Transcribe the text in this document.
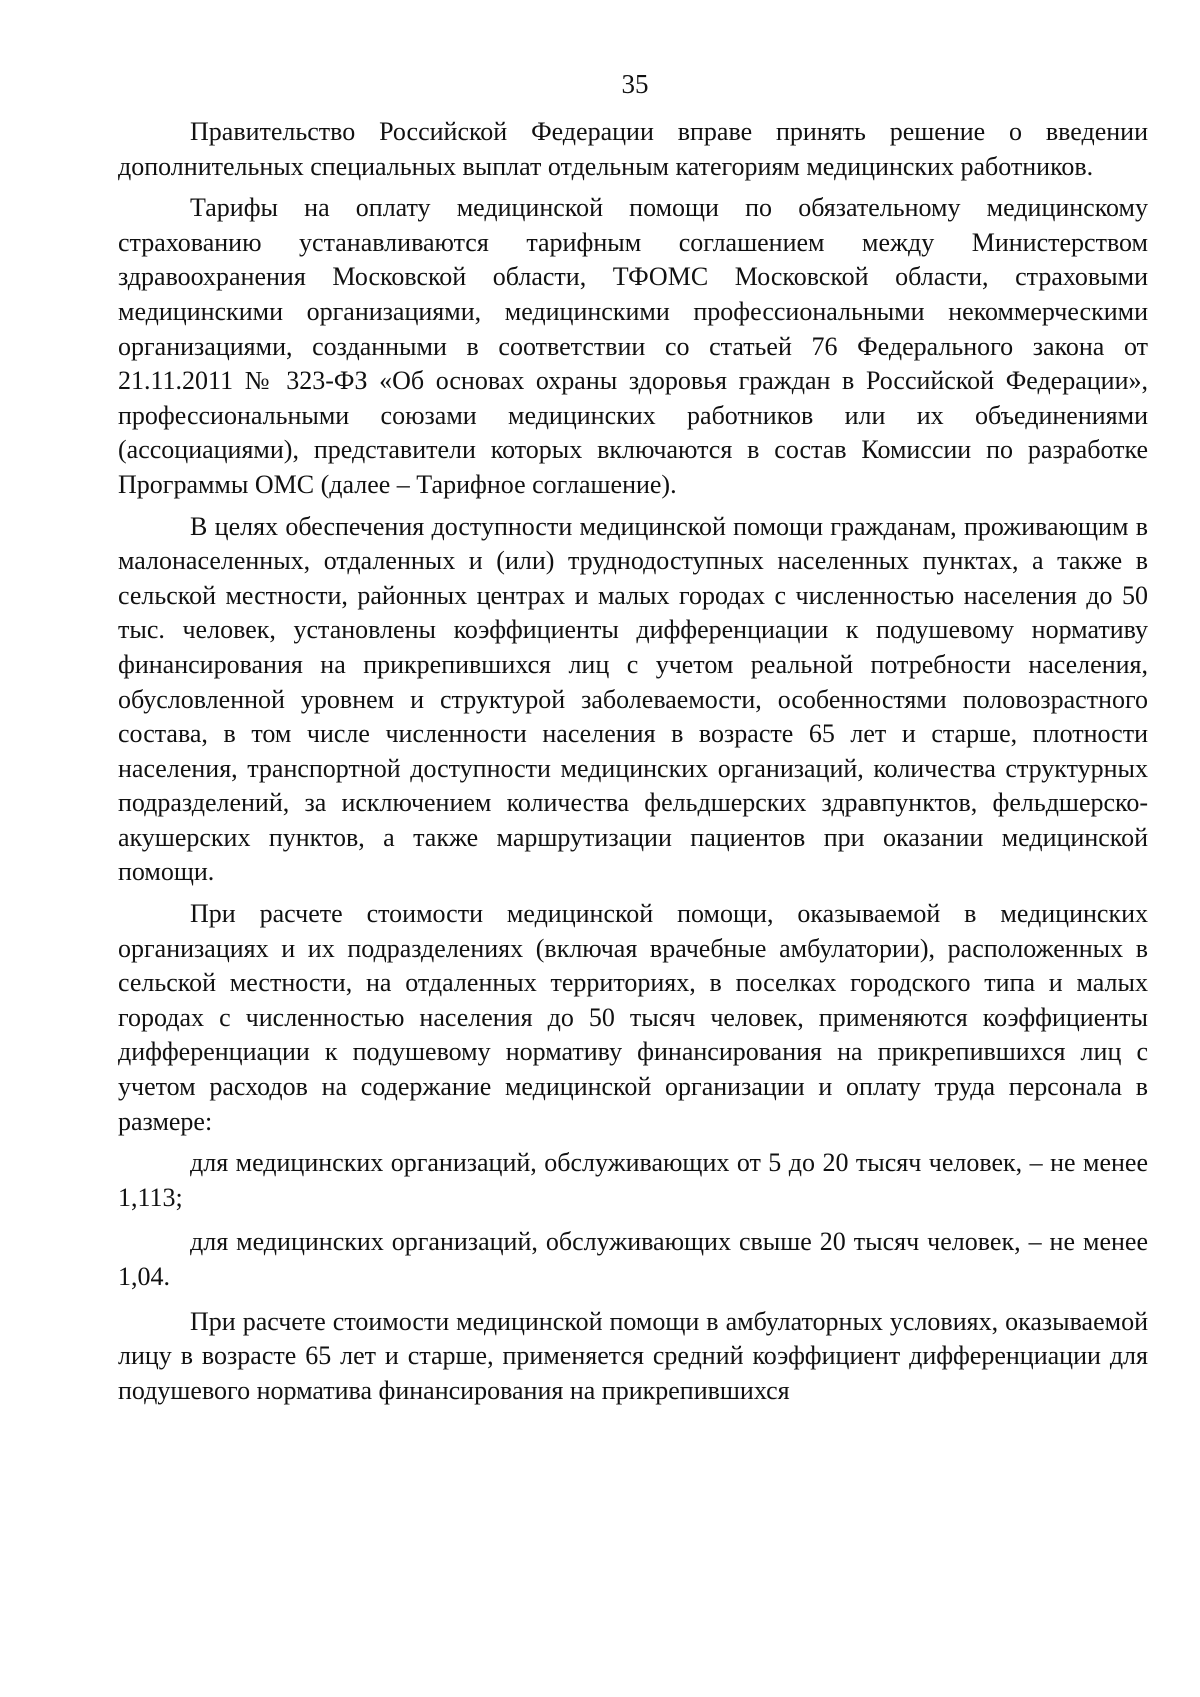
35

Правительство Российской Федерации вправе принять решение о введении дополнительных специальных выплат отдельным категориям медицинских работников.

Тарифы на оплату медицинской помощи по обязательному медицинскому страхованию устанавливаются тарифным соглашением между Министерством здравоохранения Московской области, ТФОМС Московской области, страховыми медицинскими организациями, медицинскими профессиональными некоммерческими организациями, созданными в соответствии со статьей 76 Федерального закона от 21.11.2011 № 323-ФЗ «Об основах охраны здоровья граждан в Российской Федерации», профессиональными союзами медицинских работников или их объединениями (ассоциациями), представители которых включаются в состав Комиссии по разработке Программы ОМС (далее – Тарифное соглашение).

В целях обеспечения доступности медицинской помощи гражданам, проживающим в малонаселенных, отдаленных и (или) труднодоступных населенных пунктах, а также в сельской местности, районных центрах и малых городах с численностью населения до 50 тыс. человек, установлены коэффициенты дифференциации к подушевому нормативу финансирования на прикрепившихся лиц с учетом реальной потребности населения, обусловленной уровнем и структурой заболеваемости, особенностями половозрастного состава, в том числе численности населения в возрасте 65 лет и старше, плотности населения, транспортной доступности медицинских организаций, количества структурных подразделений, за исключением количества фельдшерских здравпунктов, фельдшерско-акушерских пунктов, а также маршрутизации пациентов при оказании медицинской помощи.

При расчете стоимости медицинской помощи, оказываемой в медицинских организациях и их подразделениях (включая врачебные амбулатории), расположенных в сельской местности, на отдаленных территориях, в поселках городского типа и малых городах с численностью населения до 50 тысяч человек, применяются коэффициенты дифференциации к подушевому нормативу финансирования на прикрепившихся лиц с учетом расходов на содержание медицинской организации и оплату труда персонала в размере:

для медицинских организаций, обслуживающих от 5 до 20 тысяч человек, – не менее 1,113;

для медицинских организаций, обслуживающих свыше 20 тысяч человек, – не менее 1,04.

При расчете стоимости медицинской помощи в амбулаторных условиях, оказываемой лицу в возрасте 65 лет и старше, применяется средний коэффициент дифференциации для подушевого норматива финансирования на прикрепившихся
